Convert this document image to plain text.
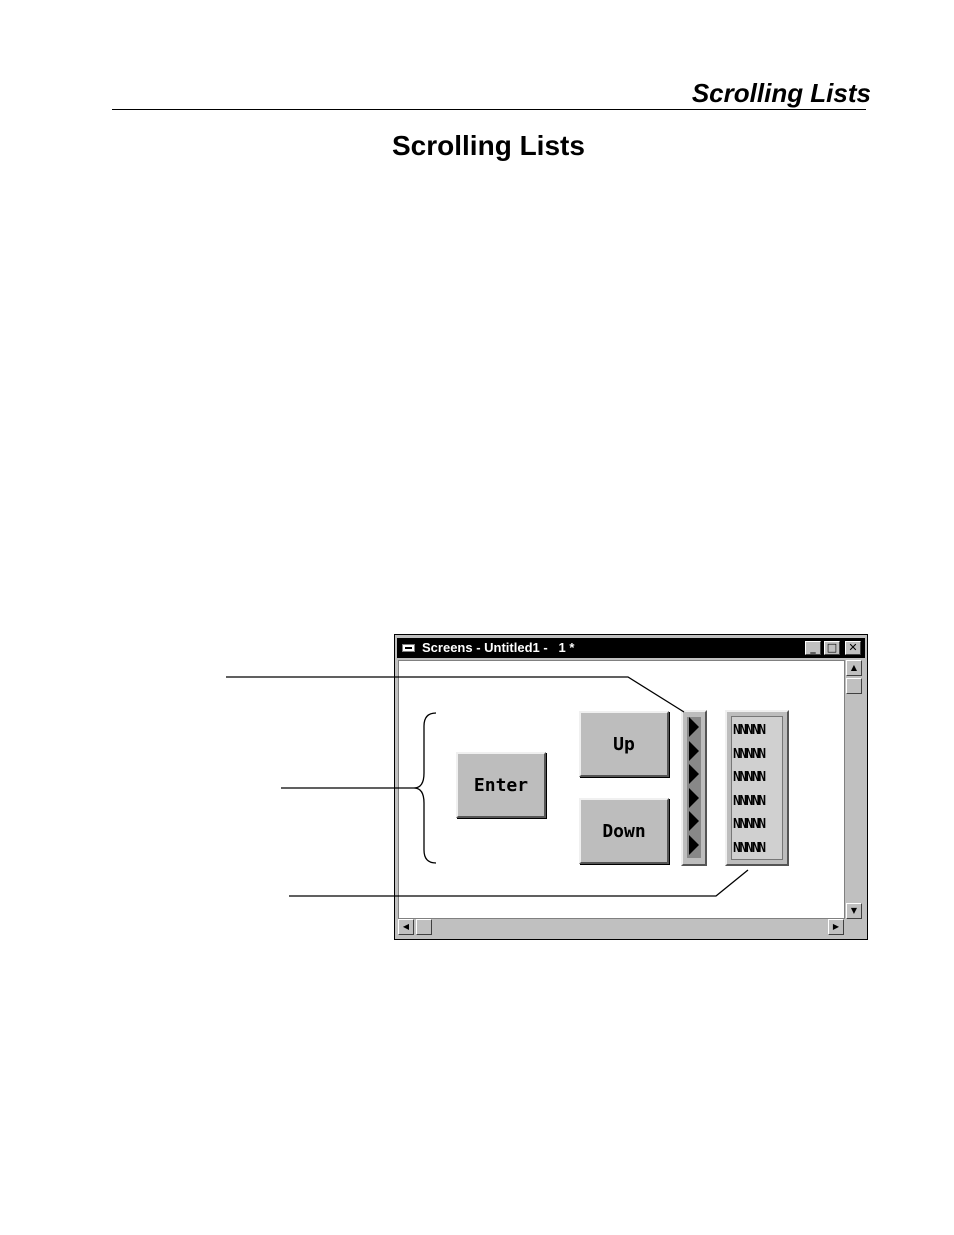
Scrolling Lists
Scrolling Lists
Screens - Untitled1 -   1 *	_	□	✕
▲
▼
◀	▶
Enter
Up
Down
NNNNN
NNNNN
NNNNN
NNNNN
NNNNN
NNNNN
